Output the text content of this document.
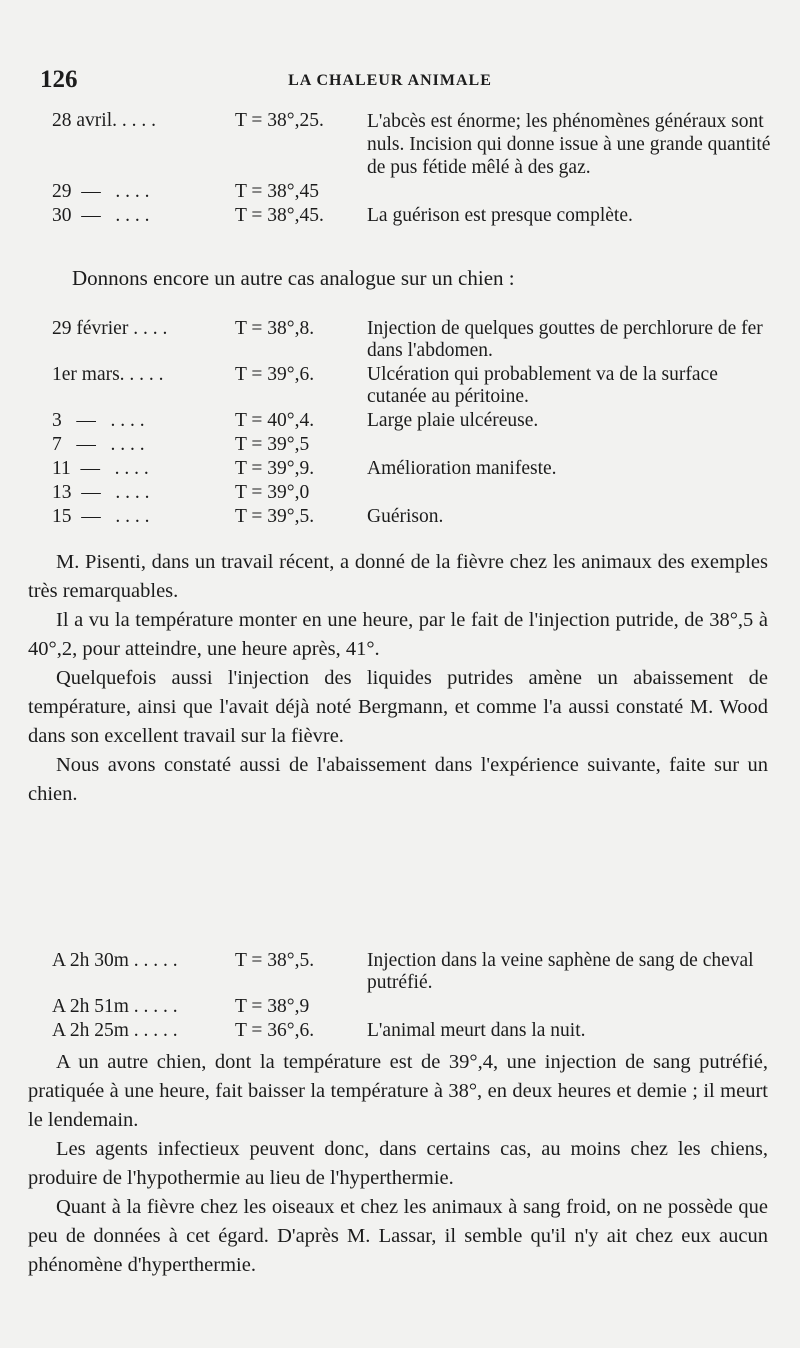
126	LA CHALEUR ANIMALE
28 avril. . . . .	T = 38°,25.	L'abcès est énorme; les phénomènes généraux sont nuls. Incision qui donne issue à une grande quantité de pus fétide mêlé à des gaz.
29  —   . . . .	T = 38°,45
30  —   . . . .	T = 38°,45.	La guérison est presque complète.
Donnons encore un autre cas analogue sur un chien :
29 février . . . .	T = 38°,8.	Injection de quelques gouttes de perchlorure de fer dans l'abdomen.
1er mars. . . . .	T = 39°,6.	Ulcération qui probablement va de la surface cutanée au péritoine.
3   —   . . . .	T = 40°,4.	Large plaie ulcéreuse.
7   —   . . . .	T = 39°,5
11  —   . . . .	T = 39°,9.	Amélioration manifeste.
13  —   . . . .	T = 39°,0
15  —   . . . .	T = 39°,5.	Guérison.

M. Pisenti, dans un travail récent, a donné de la fièvre chez les animaux des exemples très remarquables.

Il a vu la température monter en une heure, par le fait de l'injection putride, de 38°,5 à 40°,2, pour atteindre, une heure après, 41°.

Quelquefois aussi l'injection des liquides putrides amène un abaissement de température, ainsi que l'avait déjà noté Bergmann, et comme l'a aussi constaté M. Wood dans son excellent travail sur la fièvre.

Nous avons constaté aussi de l'abaissement dans l'expérience suivante, faite sur un chien.

A 2h 30m . . . . .	T = 38°,5.	Injection dans la veine saphène de sang de cheval putréfié.
A 2h 51m . . . . .	T = 38°,9
A 2h 25m . . . . .	T = 36°,6.	L'animal meurt dans la nuit.

A un autre chien, dont la température est de 39°,4, une injection de sang putréfié, pratiquée à une heure, fait baisser la température à 38°, en deux heures et demie ; il meurt le lendemain.

Les agents infectieux peuvent donc, dans certains cas, au moins chez les chiens, produire de l'hypothermie au lieu de l'hyperthermie.

Quant à la fièvre chez les oiseaux et chez les animaux à sang froid, on ne possède que peu de données à cet égard. D'après M. Lassar, il semble qu'il n'y ait chez eux aucun phénomène d'hyperthermie.
